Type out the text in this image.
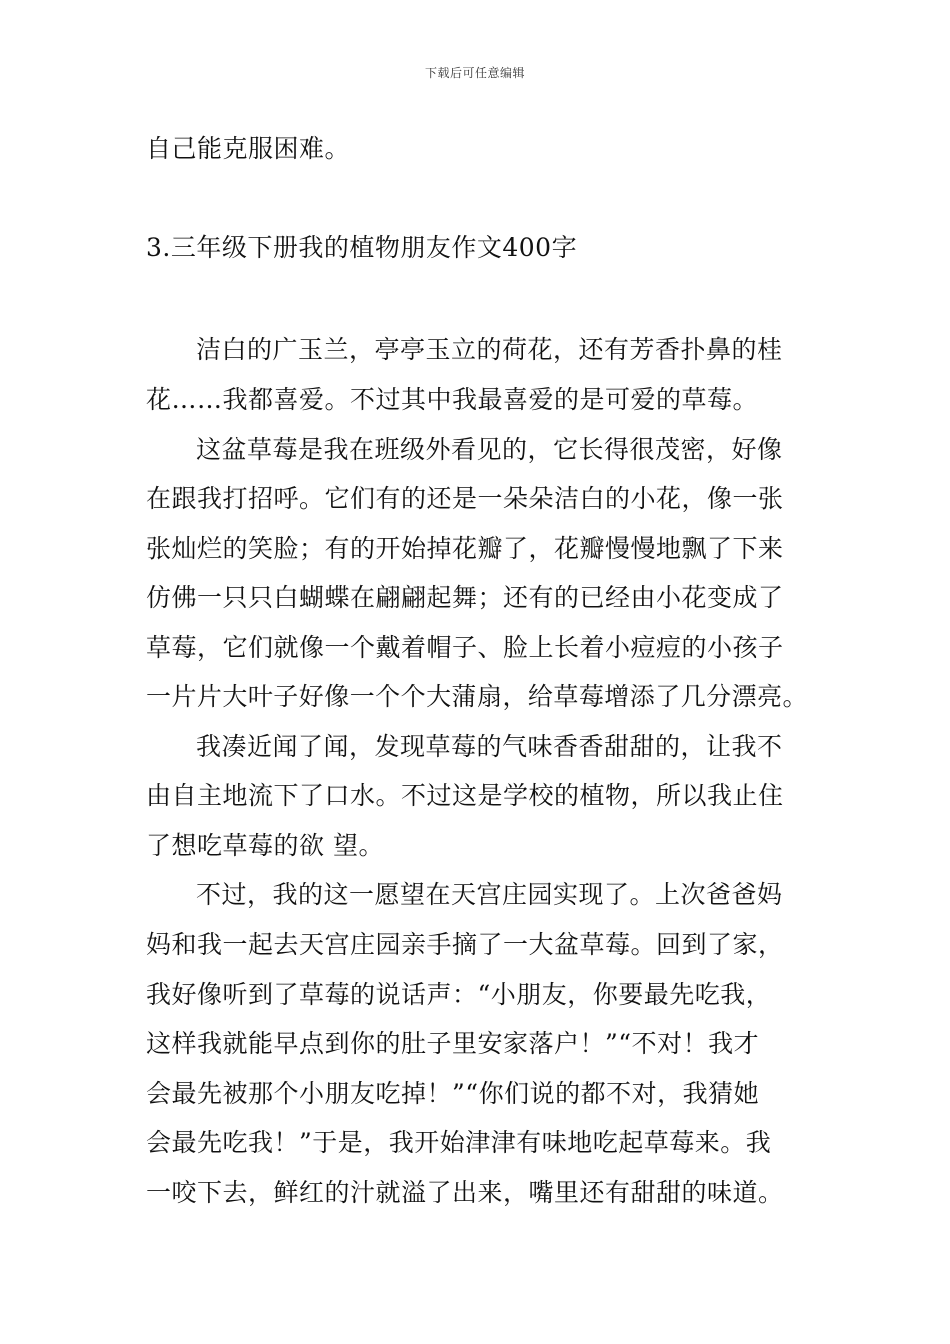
下载后可任意编辑
自己能克服困难。
3.三年级下册我的植物朋友作文400字
洁白的广玉兰，亭亭玉立的荷花，还有芳香扑鼻的桂
花……我都喜爱。不过其中我最喜爱的是可爱的草莓。
这盆草莓是我在班级外看见的，它长得很茂密，好像
在跟我打招呼。它们有的还是一朵朵洁白的小花，像一张
张灿烂的笑脸；有的开始掉花瓣了，花瓣慢慢地飘了下来
仿佛一只只白蝴蝶在翩翩起舞；还有的已经由小花变成了
草莓，它们就像一个戴着帽子、脸上长着小痘痘的小孩子
一片片大叶子好像一个个大蒲扇，给草莓增添了几分漂亮。
我凑近闻了闻，发现草莓的气味香香甜甜的，让我不
由自主地流下了口水。不过这是学校的植物，所以我止住
了想吃草莓的欲 望。
不过，我的这一愿望在天宫庄园实现了。上次爸爸妈
妈和我一起去天宫庄园亲手摘了一大盆草莓。回到了家，
我好像听到了草莓的说话声：“小朋友，你要最先吃我，
这样我就能早点到你的肚子里安家落户！”“不对！我才
会最先被那个小朋友吃掉！”“你们说的都不对，我猜她
会最先吃我！”于是，我开始津津有味地吃起草莓来。我
一咬下去，鲜红的汁就溢了出来，嘴里还有甜甜的味道。
